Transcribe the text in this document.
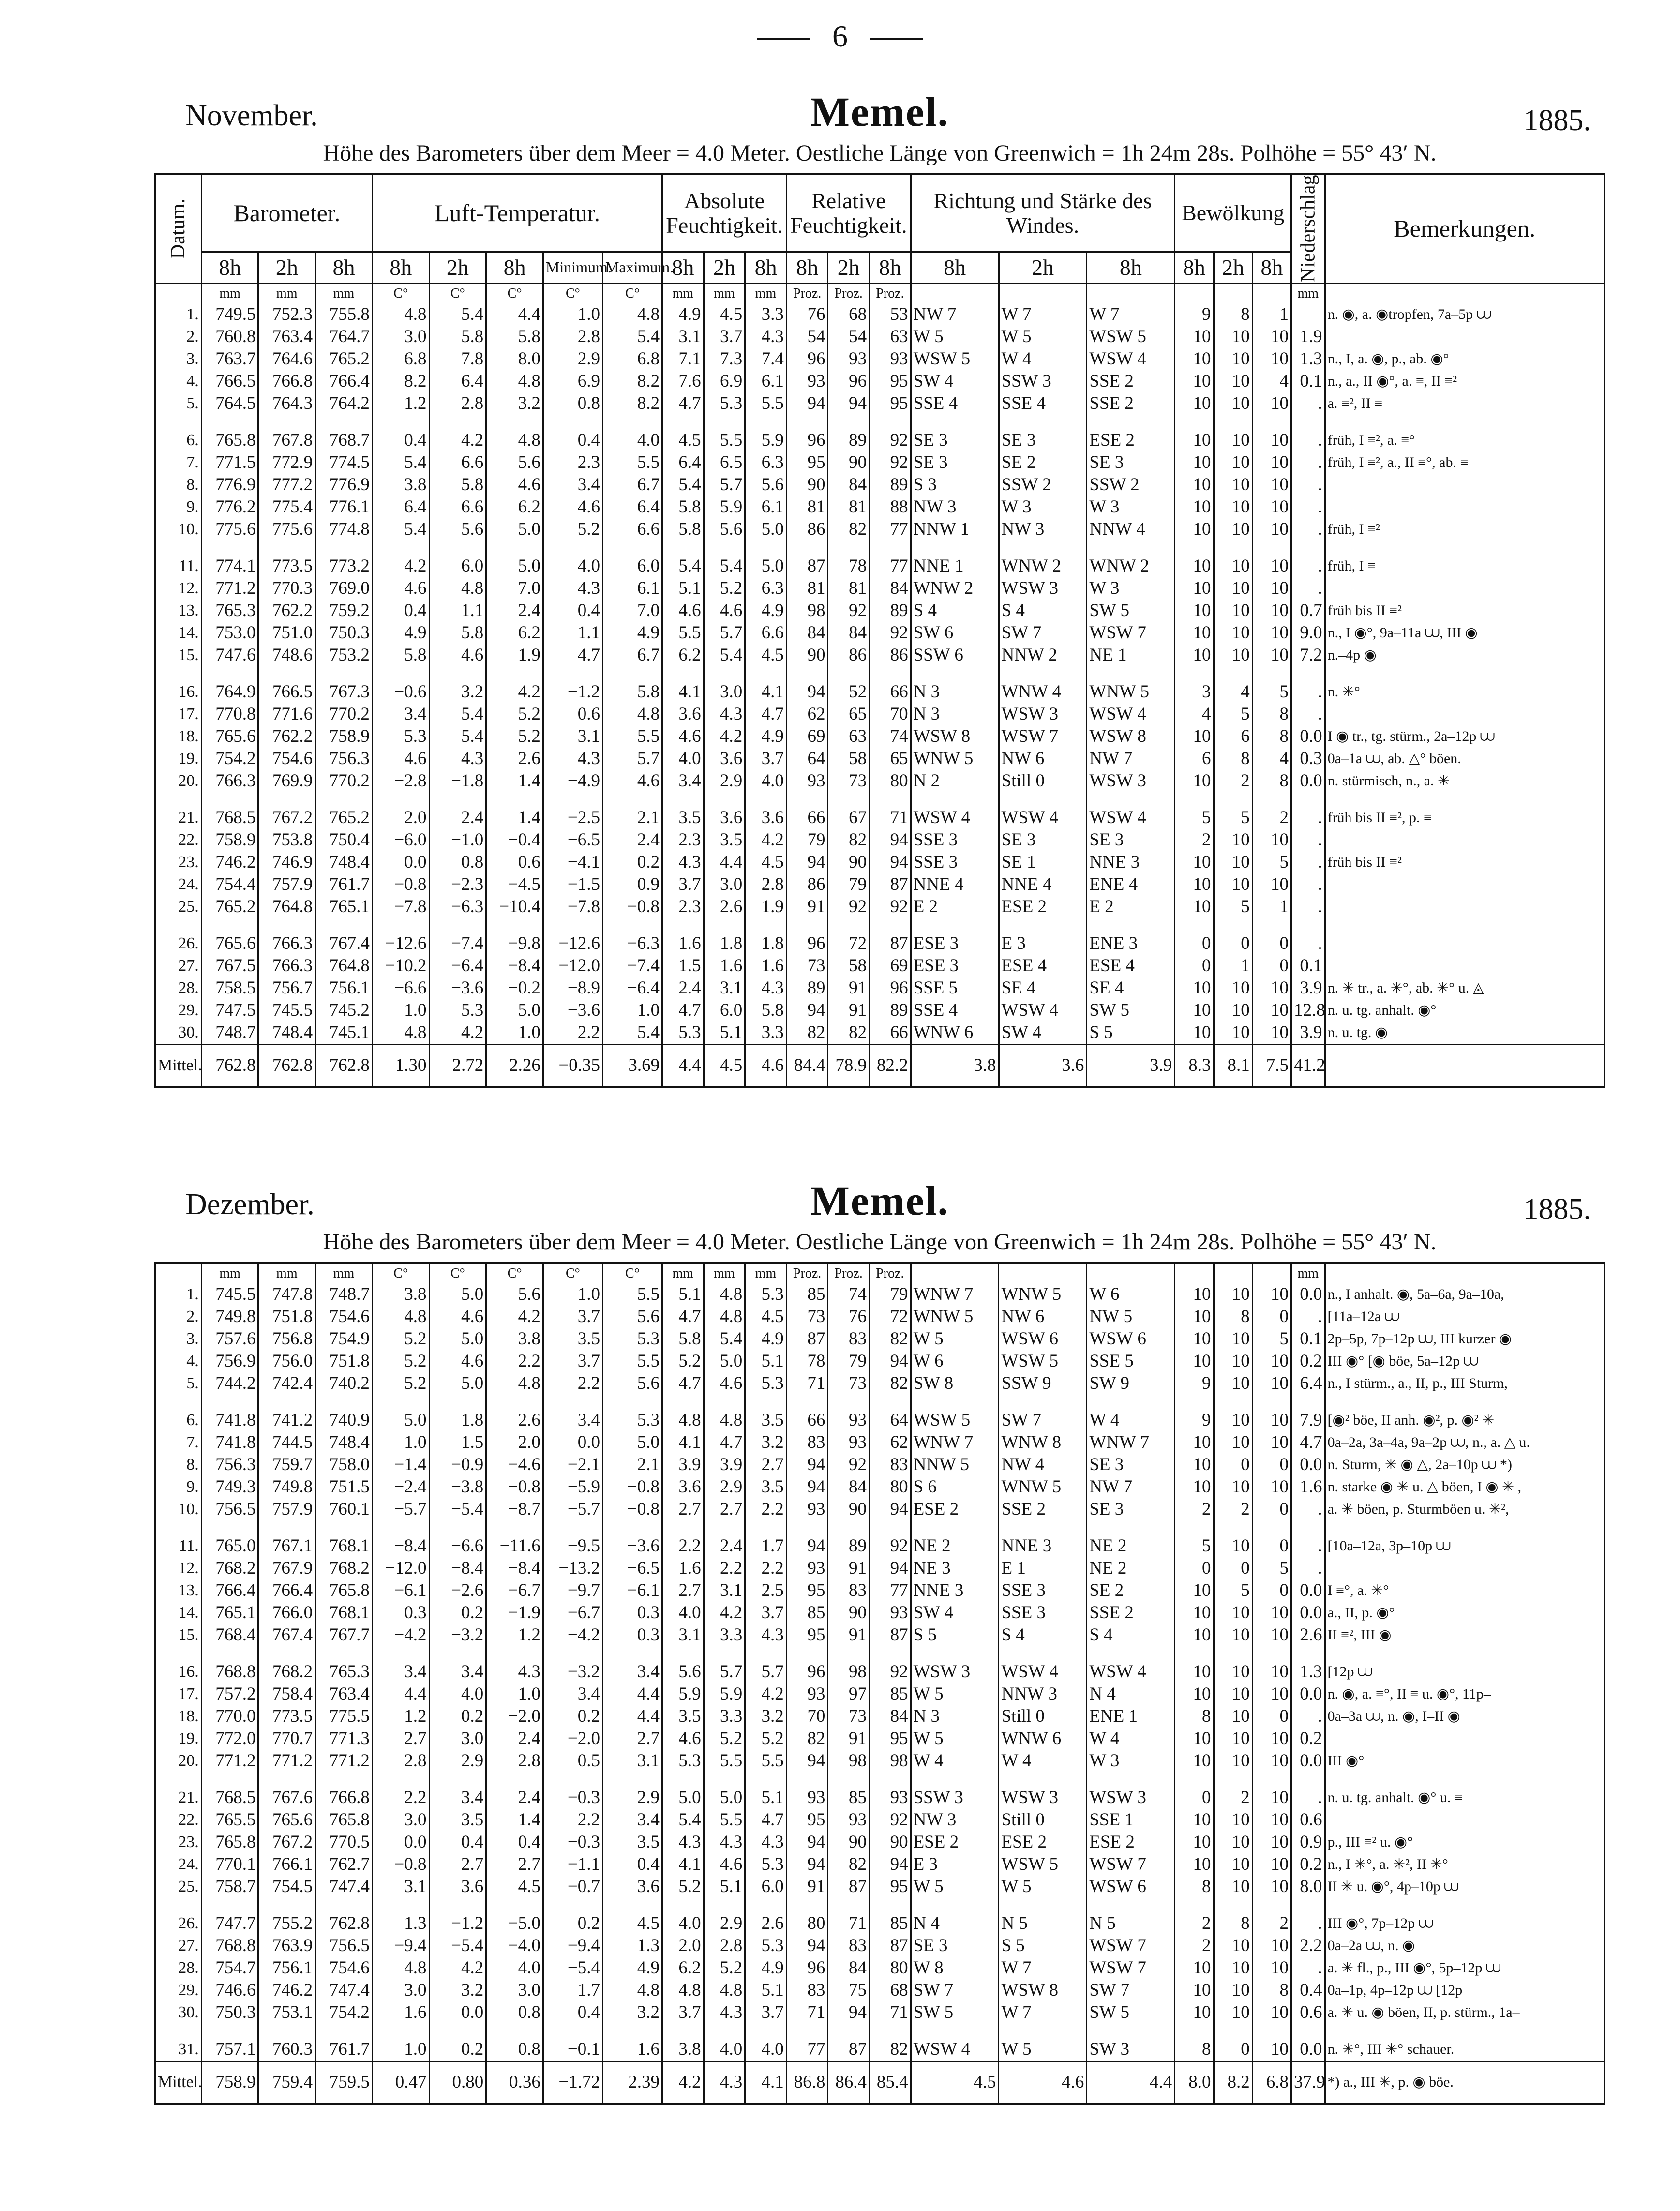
6
November.	Memel.	1885.
Höhe des Barometers über dem Meer = 4.0 Meter. Oestliche Länge von Greenwich = 1h 24m 28s. Polhöhe = 55° 43′ N.
Datum.	Barometer.			Luft-Temperatur.					Absolute Feuchtigkeit.			Relative Feuchtigkeit.			Richtung und Stärke des Windes.			Bewölkung			Niederschlag	Bemerkungen.
	8h	2h	8h	8h	2h	8h	Minimum.	Maximum.	8h	2h	8h	8h	2h	8h	8h	2h	8h	8h	2h	8h		
	mm	mm	mm	C°	C°	C°	C°	C°	mm	mm	mm	Proz.	Proz.	Proz.							mm	
1.	749.5	752.3	755.8	4.8	5.4	4.4	1.0	4.8	4.9	4.5	3.3	76	68	53	NW 7	W 7	W 7	9	8	1		n. ◉, a. ◉tropfen, 7a–5p ⩊
2.	760.8	763.4	764.7	3.0	5.8	5.8	2.8	5.4	3.1	3.7	4.3	54	54	63	W 5	W 5	WSW 5	10	10	10	1.9	
3.	763.7	764.6	765.2	6.8	7.8	8.0	2.9	6.8	7.1	7.3	7.4	96	93	93	WSW 5	W 4	WSW 4	10	10	10	1.3	n., I, a. ◉, p., ab. ◉°
4.	766.5	766.8	766.4	8.2	6.4	4.8	6.9	8.2	7.6	6.9	6.1	93	96	95	SW 4	SSW 3	SSE 2	10	10	4	0.1	n., a., II ◉°, a. ≡, II ≡²
5.	764.5	764.3	764.2	1.2	2.8	3.2	0.8	8.2	4.7	5.3	5.5	94	94	95	SSE 4	SSE 4	SSE 2	10	10	10	.	a. ≡², II ≡

6.	765.8	767.8	768.7	0.4	4.2	4.8	0.4	4.0	4.5	5.5	5.9	96	89	92	SE 3	SE 3	ESE 2	10	10	10	.	früh, I ≡², a. ≡°
7.	771.5	772.9	774.5	5.4	6.6	5.6	2.3	5.5	6.4	6.5	6.3	95	90	92	SE 3	SE 2	SE 3	10	10	10	.	früh, I ≡², a., II ≡°, ab. ≡
8.	776.9	777.2	776.9	3.8	5.8	4.6	3.4	6.7	5.4	5.7	5.6	90	84	89	S 3	SSW 2	SSW 2	10	10	10	.	
9.	776.2	775.4	776.1	6.4	6.6	6.2	4.6	6.4	5.8	5.9	6.1	81	81	88	NW 3	W 3	W 3	10	10	10	.	
10.	775.6	775.6	774.8	5.4	5.6	5.0	5.2	6.6	5.8	5.6	5.0	86	82	77	NNW 1	NW 3	NNW 4	10	10	10	.	früh, I ≡²

11.	774.1	773.5	773.2	4.2	6.0	5.0	4.0	6.0	5.4	5.4	5.0	87	78	77	NNE 1	WNW 2	WNW 2	10	10	10	.	früh, I ≡
12.	771.2	770.3	769.0	4.6	4.8	7.0	4.3	6.1	5.1	5.2	6.3	81	81	84	WNW 2	WSW 3	W 3	10	10	10	.	
13.	765.3	762.2	759.2	0.4	1.1	2.4	0.4	7.0	4.6	4.6	4.9	98	92	89	S 4	S 4	SW 5	10	10	10	0.7	früh bis II ≡²
14.	753.0	751.0	750.3	4.9	5.8	6.2	1.1	4.9	5.5	5.7	6.6	84	84	92	SW 6	SW 7	WSW 7	10	10	10	9.0	n., I ◉°, 9a–11a ⩊, III ◉
15.	747.6	748.6	753.2	5.8	4.6	1.9	4.7	6.7	6.2	5.4	4.5	90	86	86	SSW 6	NNW 2	NE 1	10	10	10	7.2	n.–4p ◉

16.	764.9	766.5	767.3	−0.6	3.2	4.2	−1.2	5.8	4.1	3.0	4.1	94	52	66	N 3	WNW 4	WNW 5	3	4	5	.	n. ✳°
17.	770.8	771.6	770.2	3.4	5.4	5.2	0.6	4.8	3.6	4.3	4.7	62	65	70	N 3	WSW 3	WSW 4	4	5	8	.	
18.	765.6	762.2	758.9	5.3	5.4	5.2	3.1	5.5	4.6	4.2	4.9	69	63	74	WSW 8	WSW 7	WSW 8	10	6	8	0.0	I ◉ tr., tg. stürm., 2a–12p ⩊
19.	754.2	754.6	756.3	4.6	4.3	2.6	4.3	5.7	4.0	3.6	3.7	64	58	65	WNW 5	NW 6	NW 7	6	8	4	0.3	0a–1a ⩊, ab. △° böen.
20.	766.3	769.9	770.2	−2.8	−1.8	1.4	−4.9	4.6	3.4	2.9	4.0	93	73	80	N 2	Still 0	WSW 3	10	2	8	0.0	n. stürmisch, n., a. ✳

21.	768.5	767.2	765.2	2.0	2.4	1.4	−2.5	2.1	3.5	3.6	3.6	66	67	71	WSW 4	WSW 4	WSW 4	5	5	2	.	früh bis II ≡², p. ≡
22.	758.9	753.8	750.4	−6.0	−1.0	−0.4	−6.5	2.4	2.3	3.5	4.2	79	82	94	SSE 3	SE 3	SE 3	2	10	10	.	
23.	746.2	746.9	748.4	0.0	0.8	0.6	−4.1	0.2	4.3	4.4	4.5	94	90	94	SSE 3	SE 1	NNE 3	10	10	5	.	früh bis II ≡²
24.	754.4	757.9	761.7	−0.8	−2.3	−4.5	−1.5	0.9	3.7	3.0	2.8	86	79	87	NNE 4	NNE 4	ENE 4	10	10	10	.	
25.	765.2	764.8	765.1	−7.8	−6.3	−10.4	−7.8	−0.8	2.3	2.6	1.9	91	92	92	E 2	ESE 2	E 2	10	5	1	.	

26.	765.6	766.3	767.4	−12.6	−7.4	−9.8	−12.6	−6.3	1.6	1.8	1.8	96	72	87	ESE 3	E 3	ENE 3	0	0	0	.	
27.	767.5	766.3	764.8	−10.2	−6.4	−8.4	−12.0	−7.4	1.5	1.6	1.6	73	58	69	ESE 3	ESE 4	ESE 4	0	1	0	0.1	
28.	758.5	756.7	756.1	−6.6	−3.6	−0.2	−8.9	−6.4	2.4	3.1	4.3	89	91	96	SSE 5	SE 4	SE 4	10	10	10	3.9	n. ✳ tr., a. ✳°, ab. ✳° u. ◬
29.	747.5	745.5	745.2	1.0	5.3	5.0	−3.6	1.0	4.7	6.0	5.8	94	91	89	SSE 4	WSW 4	SW 5	10	10	10	12.8	n. u. tg. anhalt. ◉°
30.	748.7	748.4	745.1	4.8	4.2	1.0	2.2	5.4	5.3	5.1	3.3	82	82	66	WNW 6	SW 4	S 5	10	10	10	3.9	n. u. tg. ◉
Mittel.	762.8	762.8	762.8	1.30	2.72	2.26	−0.35	3.69	4.4	4.5	4.6	84.4	78.9	82.2	3.8	3.6	3.9	8.3	8.1	7.5	41.2	
Dezember.	Memel.	1885.
Höhe des Barometers über dem Meer = 4.0 Meter. Oestliche Länge von Greenwich = 1h 24m 28s. Polhöhe = 55° 43′ N.
	mm	mm	mm	C°	C°	C°	C°	C°	mm	mm	mm	Proz.	Proz.	Proz.							mm	
1.	745.5	747.8	748.7	3.8	5.0	5.6	1.0	5.5	5.1	4.8	5.3	85	74	79	WNW 7	WNW 5	W 6	10	10	10	0.0	n., I anhalt. ◉, 5a–6a, 9a–10a,
2.	749.8	751.8	754.6	4.8	4.6	4.2	3.7	5.6	4.7	4.8	4.5	73	76	72	WNW 5	NW 6	NW 5	10	8	0	.	[11a–12a ⩊
3.	757.6	756.8	754.9	5.2	5.0	3.8	3.5	5.3	5.8	5.4	4.9	87	83	82	W 5	WSW 6	WSW 6	10	10	5	0.1	2p–5p, 7p–12p ⩊, III kurzer ◉
4.	756.9	756.0	751.8	5.2	4.6	2.2	3.7	5.5	5.2	5.0	5.1	78	79	94	W 6	WSW 5	SSE 5	10	10	10	0.2	III ◉° [◉ böe, 5a–12p ⩊
5.	744.2	742.4	740.2	5.2	5.0	4.8	2.2	5.6	4.7	4.6	5.3	71	73	82	SW 8	SSW 9	SW 9	9	10	10	6.4	n., I stürm., a., II, p., III Sturm,

6.	741.8	741.2	740.9	5.0	1.8	2.6	3.4	5.3	4.8	4.8	3.5	66	93	64	WSW 5	SW 7	W 4	9	10	10	7.9	[◉² böe, II anh. ◉², p. ◉² ✳
7.	741.8	744.5	748.4	1.0	1.5	2.0	0.0	5.0	4.1	4.7	3.2	83	93	62	WNW 7	WNW 8	WNW 7	10	10	10	4.7	0a–2a, 3a–4a, 9a–2p ⩊, n., a. △ u.
8.	756.3	759.7	758.0	−1.4	−0.9	−4.6	−2.1	2.1	3.9	3.9	2.7	94	92	83	NNW 5	NW 4	SE 3	10	0	0	0.0	n. Sturm, ✳ ◉ △, 2a–10p ⩊ *)
9.	749.3	749.8	751.5	−2.4	−3.8	−0.8	−5.9	−0.8	3.6	2.9	3.5	94	84	80	S 6	WNW 5	NW 7	10	10	10	1.6	n. starke ◉ ✳ u. △ böen, I ◉ ✳ ,
10.	756.5	757.9	760.1	−5.7	−5.4	−8.7	−5.7	−0.8	2.7	2.7	2.2	93	90	94	ESE 2	SSE 2	SE 3	2	2	0	.	a. ✳ böen, p. Sturmböen u. ✳²,

11.	765.0	767.1	768.1	−8.4	−6.6	−11.6	−9.5	−3.6	2.2	2.4	1.7	94	89	92	NE 2	NNE 3	NE 2	5	10	0	.	[10a–12a, 3p–10p ⩊
12.	768.2	767.9	768.2	−12.0	−8.4	−8.4	−13.2	−6.5	1.6	2.2	2.2	93	91	94	NE 3	E 1	NE 2	0	0	5	.	
13.	766.4	766.4	765.8	−6.1	−2.6	−6.7	−9.7	−6.1	2.7	3.1	2.5	95	83	77	NNE 3	SSE 3	SE 2	10	5	0	0.0	I ≡°, a. ✳°
14.	765.1	766.0	768.1	0.3	0.2	−1.9	−6.7	0.3	4.0	4.2	3.7	85	90	93	SW 4	SSE 3	SSE 2	10	10	10	0.0	a., II, p. ◉°
15.	768.4	767.4	767.7	−4.2	−3.2	1.2	−4.2	0.3	3.1	3.3	4.3	95	91	87	S 5	S 4	S 4	10	10	10	2.6	II ≡², III ◉

16.	768.8	768.2	765.3	3.4	3.4	4.3	−3.2	3.4	5.6	5.7	5.7	96	98	92	WSW 3	WSW 4	WSW 4	10	10	10	1.3	[12p ⩊
17.	757.2	758.4	763.4	4.4	4.0	1.0	3.4	4.4	5.9	5.9	4.2	93	97	85	W 5	NNW 3	N 4	10	10	10	0.0	n. ◉, a. ≡°, II ≡ u. ◉°, 11p–
18.	770.0	773.5	775.5	1.2	0.2	−2.0	0.2	4.4	3.5	3.3	3.2	70	73	84	N 3	Still 0	ENE 1	8	10	0	.	0a–3a ⩊, n. ◉, I–II ◉
19.	772.0	770.7	771.3	2.7	3.0	2.4	−2.0	2.7	4.6	5.2	5.2	82	91	95	W 5	WNW 6	W 4	10	10	10	0.2	
20.	771.2	771.2	771.2	2.8	2.9	2.8	0.5	3.1	5.3	5.5	5.5	94	98	98	W 4	W 4	W 3	10	10	10	0.0	III ◉°

21.	768.5	767.6	766.8	2.2	3.4	2.4	−0.3	2.9	5.0	5.0	5.1	93	85	93	SSW 3	WSW 3	WSW 3	0	2	10	.	n. u. tg. anhalt. ◉° u. ≡
22.	765.5	765.6	765.8	3.0	3.5	1.4	2.2	3.4	5.4	5.5	4.7	95	93	92	NW 3	Still 0	SSE 1	10	10	10	0.6	
23.	765.8	767.2	770.5	0.0	0.4	0.4	−0.3	3.5	4.3	4.3	4.3	94	90	90	ESE 2	ESE 2	ESE 2	10	10	10	0.9	p., III ≡² u. ◉°
24.	770.1	766.1	762.7	−0.8	2.7	2.7	−1.1	0.4	4.1	4.6	5.3	94	82	94	E 3	WSW 5	WSW 7	10	10	10	0.2	n., I ✳°, a. ✳², II ✳°
25.	758.7	754.5	747.4	3.1	3.6	4.5	−0.7	3.6	5.2	5.1	6.0	91	87	95	W 5	W 5	WSW 6	8	10	10	8.0	II ✳ u. ◉°, 4p–10p ⩊

26.	747.7	755.2	762.8	1.3	−1.2	−5.0	0.2	4.5	4.0	2.9	2.6	80	71	85	N 4	N 5	N 5	2	8	2	.	III ◉°, 7p–12p ⩊
27.	768.8	763.9	756.5	−9.4	−5.4	−4.0	−9.4	1.3	2.0	2.8	5.3	94	83	87	SE 3	S 5	WSW 7	2	10	10	2.2	0a–2a ⩊, n. ◉
28.	754.7	756.1	754.6	4.8	4.2	4.0	−5.4	4.9	6.2	5.2	4.9	96	84	80	W 8	W 7	WSW 7	10	10	10	.	a. ✳ fl., p., III ◉°, 5p–12p ⩊
29.	746.6	746.2	747.4	3.0	3.2	3.0	1.7	4.8	4.8	4.8	5.1	83	75	68	SW 7	WSW 8	SW 7	10	10	8	0.4	0a–1p, 4p–12p ⩊ [12p
30.	750.3	753.1	754.2	1.6	0.0	0.8	0.4	3.2	3.7	4.3	3.7	71	94	71	SW 5	W 7	SW 5	10	10	10	0.6	a. ✳ u. ◉ böen, II, p. stürm., 1a–

31.	757.1	760.3	761.7	1.0	0.2	0.8	−0.1	1.6	3.8	4.0	4.0	77	87	82	WSW 4	W 5	SW 3	8	0	10	0.0	n. ✳°, III ✳° schauer.
Mittel.	758.9	759.4	759.5	0.47	0.80	0.36	−1.72	2.39	4.2	4.3	4.1	86.8	86.4	85.4	4.5	4.6	4.4	8.0	8.2	6.8	37.9	*) a., III ✳, p. ◉ böe.
